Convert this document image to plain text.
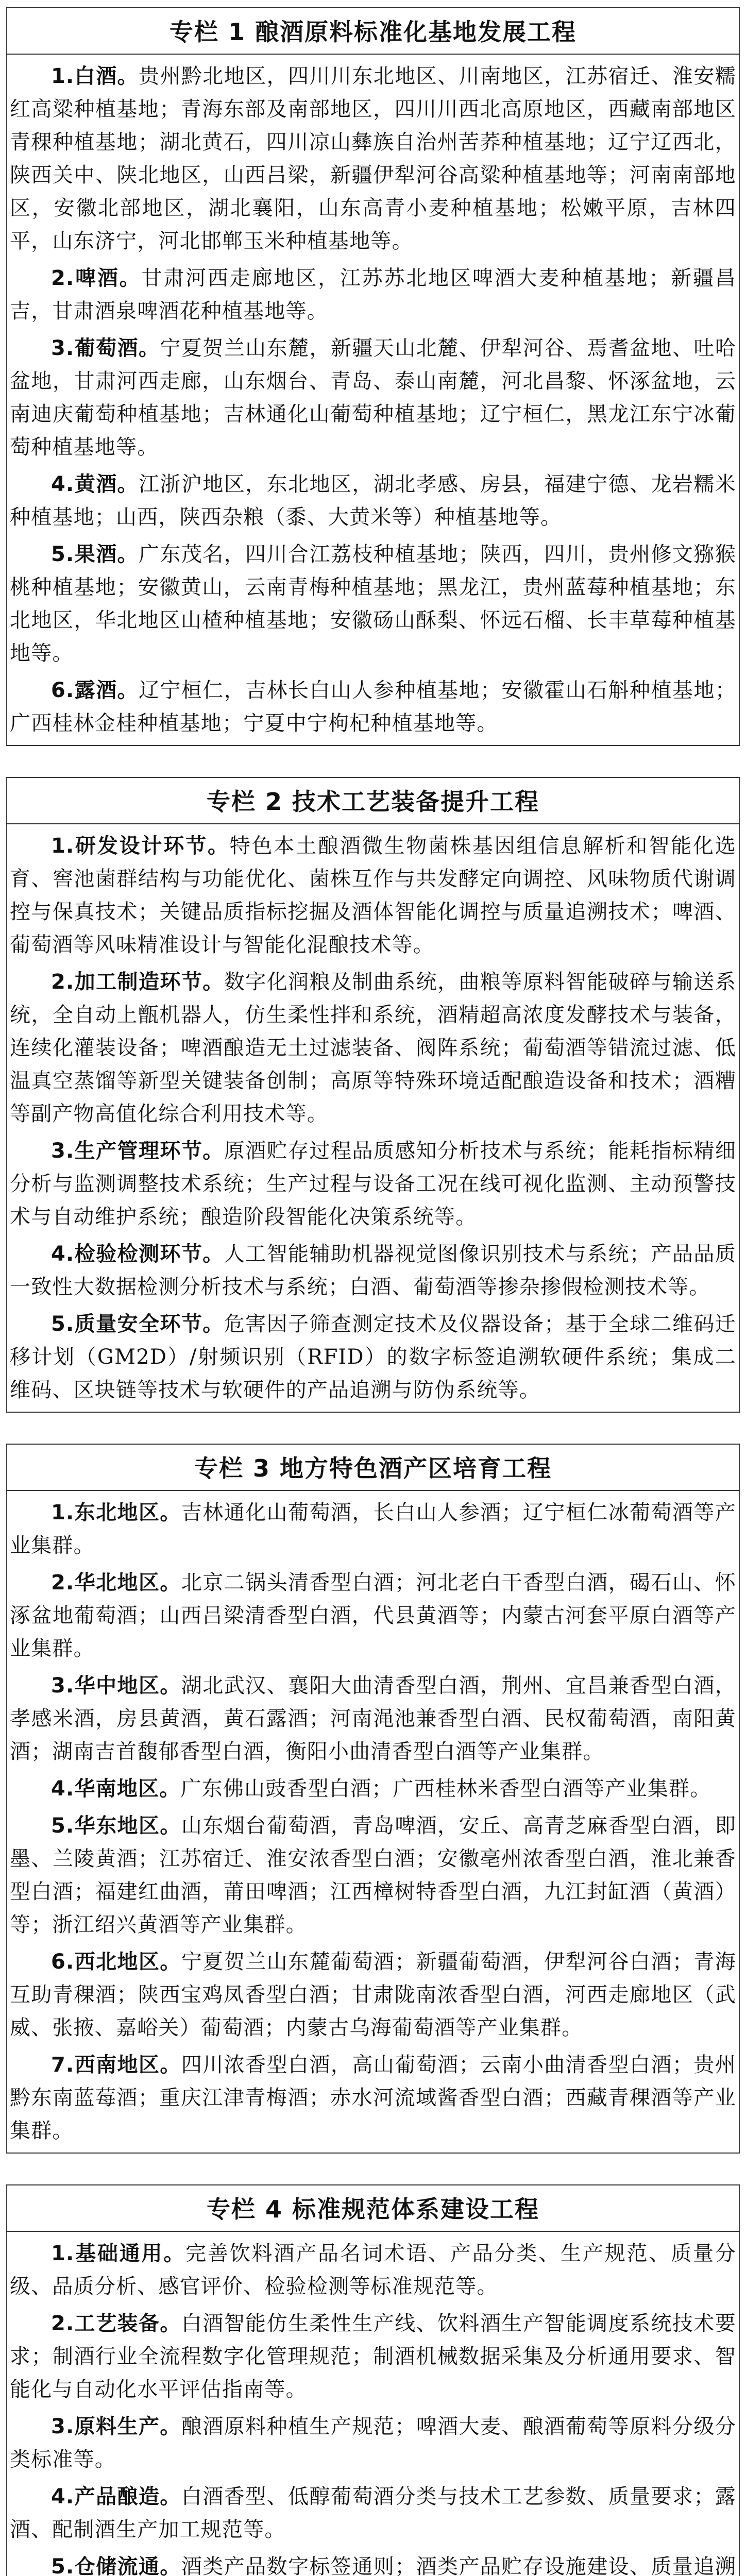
专栏 1 酿酒原料标准化基地发展工程

1.白酒。贵州黔北地区，四川川东北地区、川南地区，江苏宿迁、淮安糯红高粱种植基地；青海东部及南部地区，四川川西北高原地区，西藏南部地区青稞种植基地；湖北黄石，四川凉山彝族自治州苦荞种植基地；辽宁辽西北，陕西关中、陕北地区，山西吕梁，新疆伊犁河谷高粱种植基地等；河南南部地区，安徽北部地区，湖北襄阳，山东高青小麦种植基地；松嫩平原，吉林四平，山东济宁，河北邯郸玉米种植基地等。

2.啤酒。甘肃河西走廊地区，江苏苏北地区啤酒大麦种植基地；新疆昌吉，甘肃酒泉啤酒花种植基地等。

3.葡萄酒。宁夏贺兰山东麓，新疆天山北麓、伊犁河谷、焉耆盆地、吐哈盆地，甘肃河西走廊，山东烟台、青岛、泰山南麓，河北昌黎、怀涿盆地，云南迪庆葡萄种植基地；吉林通化山葡萄种植基地；辽宁桓仁，黑龙江东宁冰葡萄种植基地等。

4.黄酒。江浙沪地区，东北地区，湖北孝感、房县，福建宁德、龙岩糯米种植基地；山西，陕西杂粮（黍、大黄米等）种植基地等。

5.果酒。广东茂名，四川合江荔枝种植基地；陕西，四川，贵州修文猕猴桃种植基地；安徽黄山，云南青梅种植基地；黑龙江，贵州蓝莓种植基地；东北地区，华北地区山楂种植基地；安徽砀山酥梨、怀远石榴、长丰草莓种植基地等。

6.露酒。辽宁桓仁，吉林长白山人参种植基地；安徽霍山石斛种植基地；广西桂林金桂种植基地；宁夏中宁枸杞种植基地等。

专栏 2 技术工艺装备提升工程

1.研发设计环节。特色本土酿酒微生物菌株基因组信息解析和智能化选育、窖池菌群结构与功能优化、菌株互作与共发酵定向调控、风味物质代谢调控与保真技术；关键品质指标挖掘及酒体智能化调控与质量追溯技术；啤酒、葡萄酒等风味精准设计与智能化混酿技术等。

2.加工制造环节。数字化润粮及制曲系统，曲粮等原料智能破碎与输送系统，全自动上甑机器人，仿生柔性拌和系统，酒精超高浓度发酵技术与装备，连续化灌装设备；啤酒酿造无土过滤装备、阀阵系统；葡萄酒等错流过滤、低温真空蒸馏等新型关键装备创制；高原等特殊环境适配酿造设备和技术；酒糟等副产物高值化综合利用技术等。

3.生产管理环节。原酒贮存过程品质感知分析技术与系统；能耗指标精细分析与监测调整技术系统；生产过程与设备工况在线可视化监测、主动预警技术与自动维护系统；酿造阶段智能化决策系统等。

4.检验检测环节。人工智能辅助机器视觉图像识别技术与系统；产品品质一致性大数据检测分析技术与系统；白酒、葡萄酒等掺杂掺假检测技术等。

5.质量安全环节。危害因子筛查测定技术及仪器设备；基于全球二维码迁移计划（GM2D）/射频识别（RFID）的数字标签追溯软硬件系统；集成二维码、区块链等技术与软硬件的产品追溯与防伪系统等。

专栏 3 地方特色酒产区培育工程

1.东北地区。吉林通化山葡萄酒，长白山人参酒；辽宁桓仁冰葡萄酒等产业集群。

2.华北地区。北京二锅头清香型白酒；河北老白干香型白酒，碣石山、怀涿盆地葡萄酒；山西吕梁清香型白酒，代县黄酒等；内蒙古河套平原白酒等产业集群。

3.华中地区。湖北武汉、襄阳大曲清香型白酒，荆州、宜昌兼香型白酒，孝感米酒，房县黄酒，黄石露酒；河南渑池兼香型白酒、民权葡萄酒，南阳黄酒；湖南吉首馥郁香型白酒，衡阳小曲清香型白酒等产业集群。

4.华南地区。广东佛山豉香型白酒；广西桂林米香型白酒等产业集群。

5.华东地区。山东烟台葡萄酒，青岛啤酒，安丘、高青芝麻香型白酒，即墨、兰陵黄酒；江苏宿迁、淮安浓香型白酒；安徽亳州浓香型白酒，淮北兼香型白酒；福建红曲酒，莆田啤酒；江西樟树特香型白酒，九江封缸酒（黄酒）等；浙江绍兴黄酒等产业集群。

6.西北地区。宁夏贺兰山东麓葡萄酒；新疆葡萄酒，伊犁河谷白酒；青海互助青稞酒；陕西宝鸡凤香型白酒；甘肃陇南浓香型白酒，河西走廊地区（武威、张掖、嘉峪关）葡萄酒；内蒙古乌海葡萄酒等产业集群。

7.西南地区。四川浓香型白酒，高山葡萄酒；云南小曲清香型白酒；贵州黔东南蓝莓酒；重庆江津青梅酒；赤水河流域酱香型白酒；西藏青稞酒等产业集群。

专栏 4 标准规范体系建设工程

1.基础通用。完善饮料酒产品名词术语、产品分类、生产规范、质量分级、品质分析、感官评价、检验检测等标准规范等。

2.工艺装备。白酒智能仿生柔性生产线、饮料酒生产智能调度系统技术要求；制酒行业全流程数字化管理规范；制酒机械数据采集及分析通用要求、智能化与自动化水平评估指南等。

3.原料生产。酿酒原料种植生产规范；啤酒大麦、酿酒葡萄等原料分级分类标准等。

4.产品酿造。白酒香型、低醇葡萄酒分类与技术工艺参数、质量要求；露酒、配制酒生产加工规范等。

5.仓储流通。酒类产品数字标签通则；酒类产品贮存设施建设、质量追溯
